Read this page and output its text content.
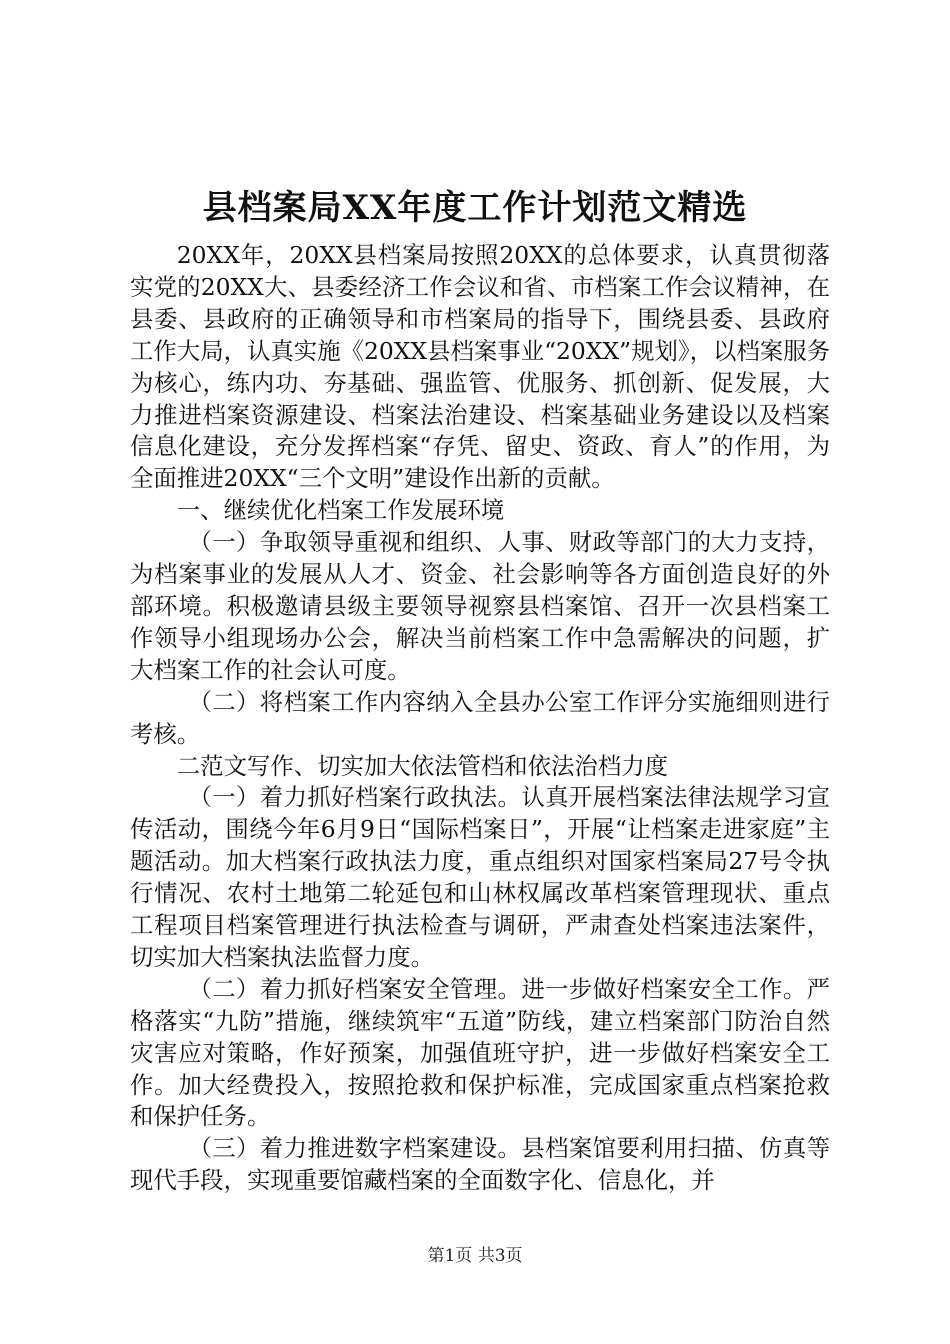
县档案局XX年度工作计划范文精选

20XX年，20XX县档案局按照20XX的总体要求，认真贯彻落实党的20XX大、县委经济工作会议和省、市档案工作会议精神，在县委、县政府的正确领导和市档案局的指导下，围绕县委、县政府工作大局，认真实施《20XX县档案事业“20XX”规划》，以档案服务为核心，练内功、夯基础、强监管、优服务、抓创新、促发展，大力推进档案资源建设、档案法治建设、档案基础业务建设以及档案信息化建设，充分发挥档案“存凭、留史、资政、育人”的作用，为全面推进20XX“三个文明”建设作出新的贡献。

一、继续优化档案工作发展环境

（一）争取领导重视和组织、人事、财政等部门的大力支持，为档案事业的发展从人才、资金、社会影响等各方面创造良好的外部环境。积极邀请县级主要领导视察县档案馆、召开一次县档案工作领导小组现场办公会，解决当前档案工作中急需解决的问题，扩大档案工作的社会认可度。

（二）将档案工作内容纳入全县办公室工作评分实施细则进行考核。

二范文写作、切实加大依法管档和依法治档力度

（一）着力抓好档案行政执法。认真开展档案法律法规学习宣传活动，围绕今年6月9日“国际档案日”，开展“让档案走进家庭”主题活动。加大档案行政执法力度，重点组织对国家档案局27号令执行情况、农村土地第二轮延包和山林权属改革档案管理现状、重点工程项目档案管理进行执法检查与调研，严肃查处档案违法案件，切实加大档案执法监督力度。

（二）着力抓好档案安全管理。进一步做好档案安全工作。严格落实“九防”措施，继续筑牢“五道”防线，建立档案部门防治自然灾害应对策略，作好预案，加强值班守护，进一步做好档案安全工作。加大经费投入，按照抢救和保护标准，完成国家重点档案抢救和保护任务。

（三）着力推进数字档案建设。县档案馆要利用扫描、仿真等现代手段，实现重要馆藏档案的全面数字化、信息化，并

第1页 共3页
